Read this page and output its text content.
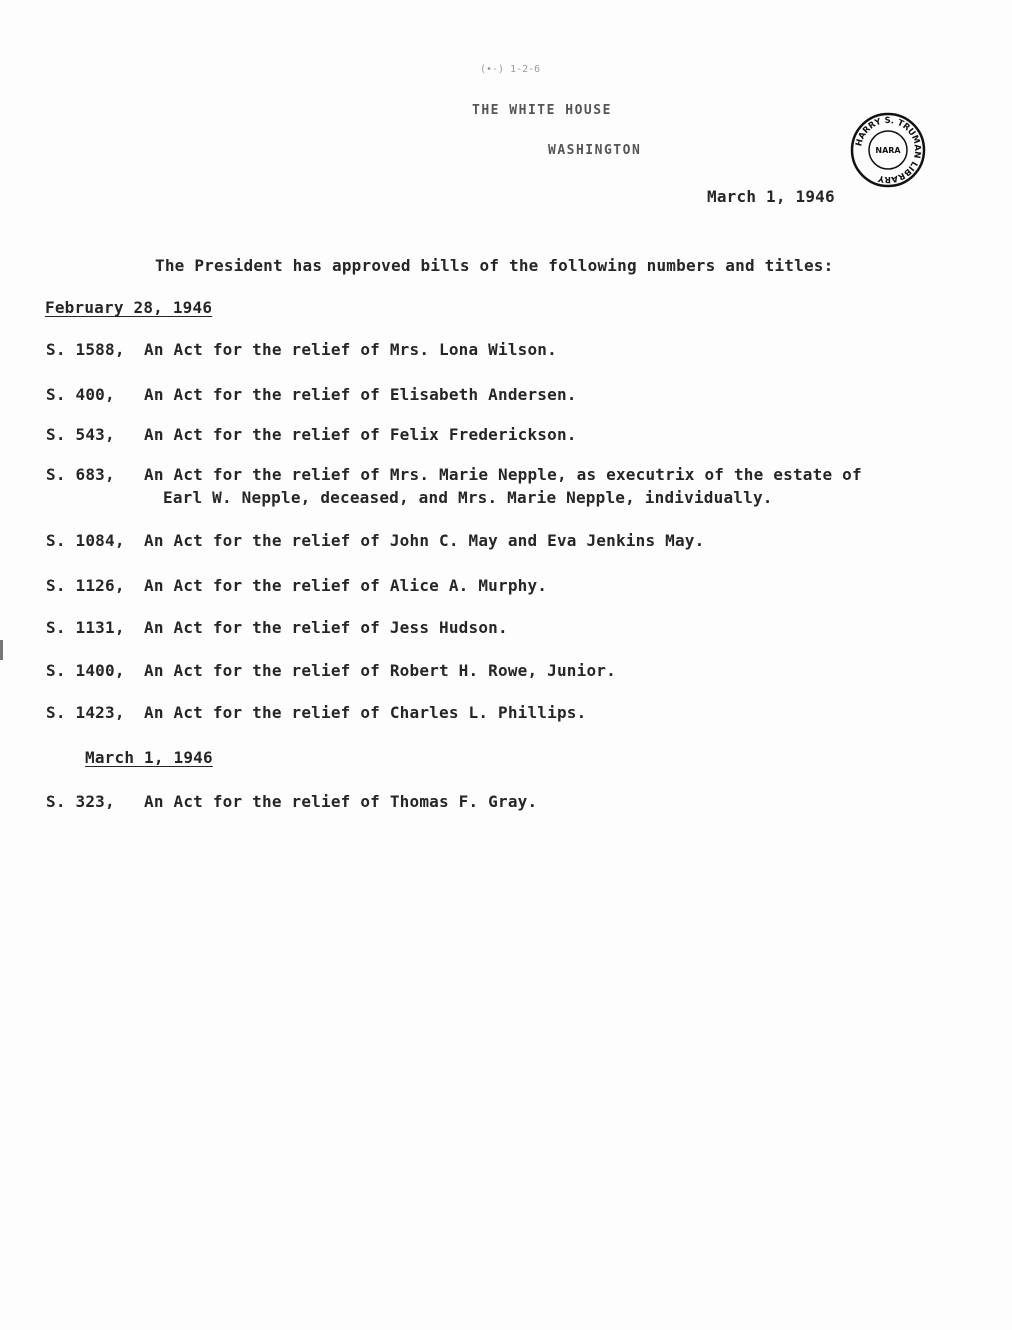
(•-) 1-2-6
THE WHITE HOUSE
WASHINGTON
HARRY S. TRUMAN LIBRARY
NARA
March 1, 1946
The President has approved bills of the following numbers and titles:
February 28, 1946
S. 1588, An Act for the relief of Mrs. Lona Wilson.
S. 400, An Act for the relief of Elisabeth Andersen.
S. 543, An Act for the relief of Felix Frederickson.
S. 683, An Act for the relief of Mrs. Marie Nepple, as executrix of the estate of
Earl W. Nepple, deceased, and Mrs. Marie Nepple, individually.
S. 1084, An Act for the relief of John C. May and Eva Jenkins May.
S. 1126, An Act for the relief of Alice A. Murphy.
S. 1131, An Act for the relief of Jess Hudson.
S. 1400, An Act for the relief of Robert H. Rowe, Junior.
S. 1423, An Act for the relief of Charles L. Phillips.
March 1, 1946
S. 323, An Act for the relief of Thomas F. Gray.
